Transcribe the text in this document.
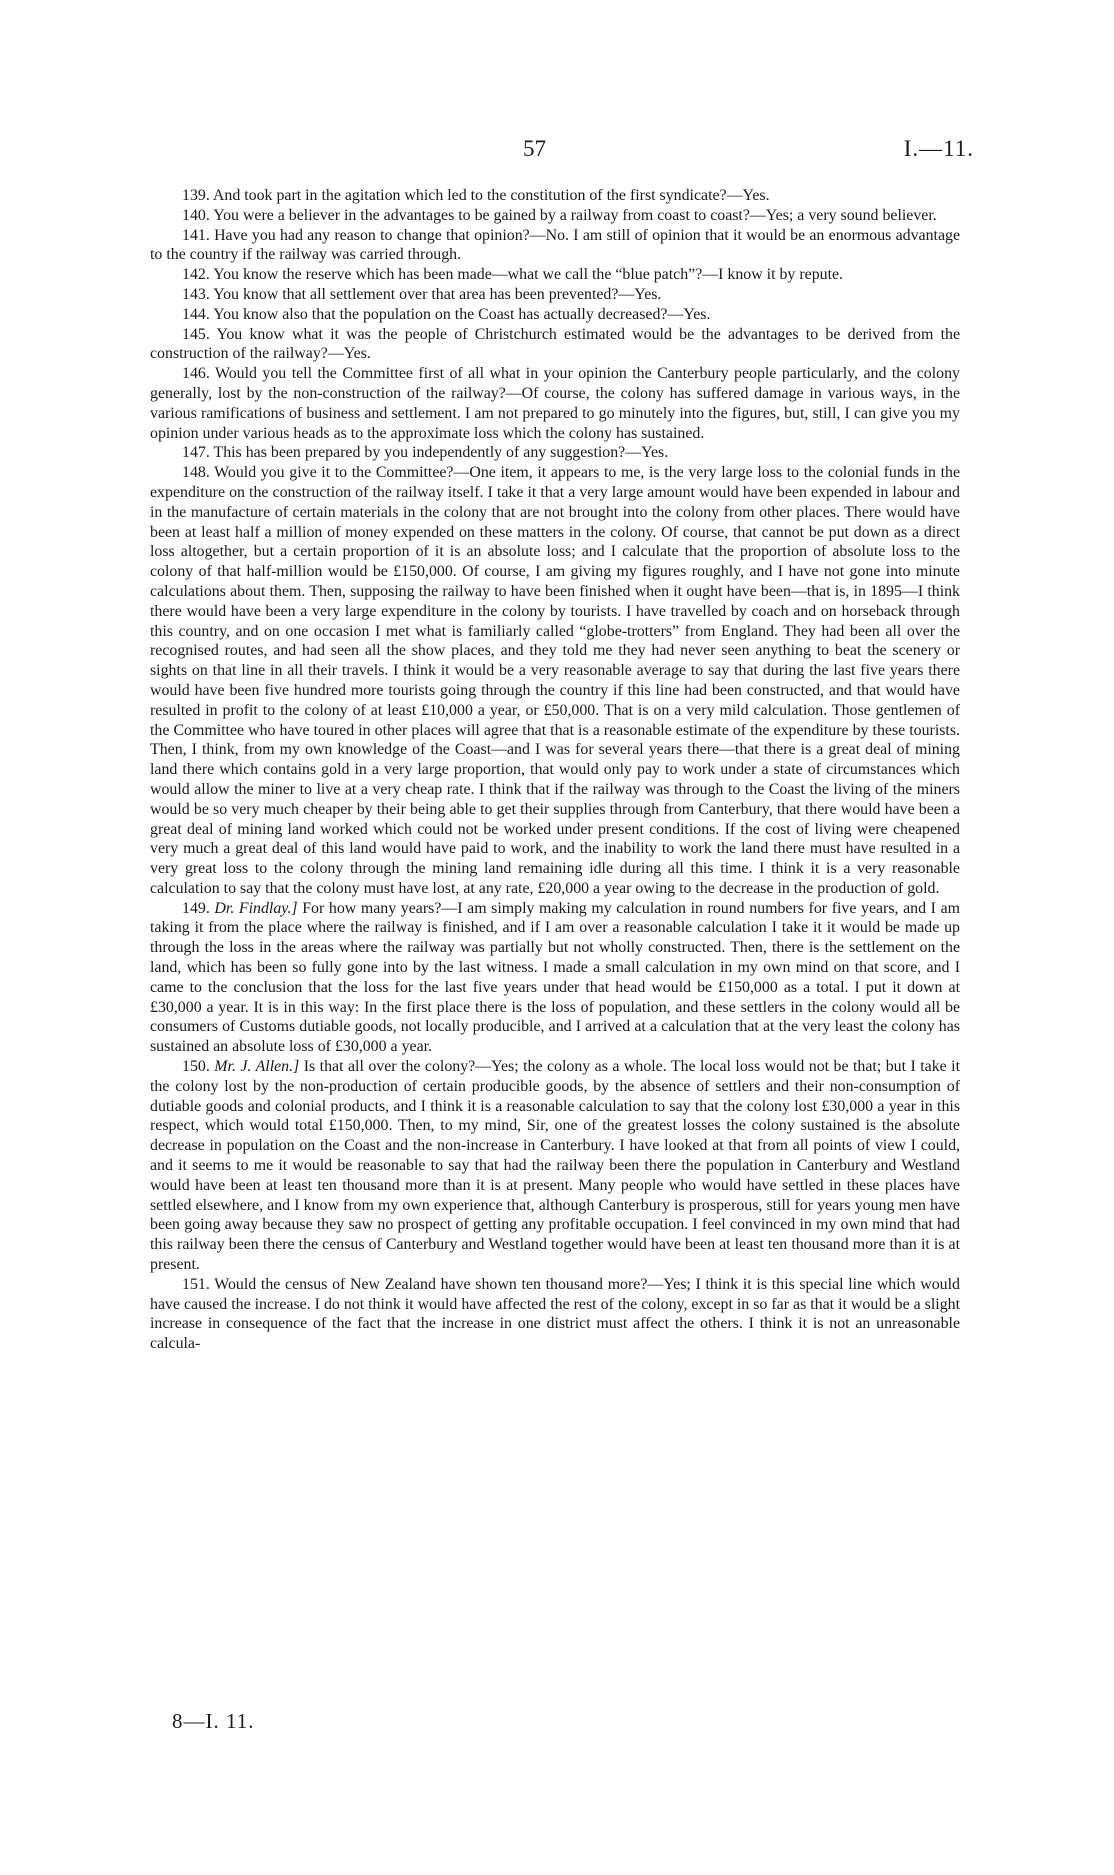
57	I.—11.

139. And took part in the agitation which led to the constitution of the first syndicate?—Yes.

140. You were a believer in the advantages to be gained by a railway from coast to coast?—Yes; a very sound believer.

141. Have you had any reason to change that opinion?—No. I am still of opinion that it would be an enormous advantage to the country if the railway was carried through.

142. You know the reserve which has been made—what we call the “blue patch”?—I know it by repute.

143. You know that all settlement over that area has been prevented?—Yes.

144. You know also that the population on the Coast has actually decreased?—Yes.

145. You know what it was the people of Christchurch estimated would be the advantages to be derived from the construction of the railway?—Yes.

146. Would you tell the Committee first of all what in your opinion the Canterbury people particularly, and the colony generally, lost by the non-construction of the railway?—Of course, the colony has suffered damage in various ways, in the various ramifications of business and settlement. I am not prepared to go minutely into the figures, but, still, I can give you my opinion under various heads as to the approximate loss which the colony has sustained.

147. This has been prepared by you independently of any suggestion?—Yes.

148. Would you give it to the Committee?—One item, it appears to me, is the very large loss to the colonial funds in the expenditure on the construction of the railway itself. I take it that a very large amount would have been expended in labour and in the manufacture of certain materials in the colony that are not brought into the colony from other places. There would have been at least half a million of money expended on these matters in the colony. Of course, that cannot be put down as a direct loss altogether, but a certain proportion of it is an absolute loss; and I calculate that the proportion of absolute loss to the colony of that half-million would be £150,000. Of course, I am giving my figures roughly, and I have not gone into minute calculations about them. Then, supposing the railway to have been finished when it ought have been—that is, in 1895—I think there would have been a very large expenditure in the colony by tourists. I have travelled by coach and on horseback through this country, and on one occasion I met what is familiarly called “globe-trotters” from England. They had been all over the recognised routes, and had seen all the show places, and they told me they had never seen anything to beat the scenery or sights on that line in all their travels. I think it would be a very reasonable average to say that during the last five years there would have been five hundred more tourists going through the country if this line had been constructed, and that would have resulted in profit to the colony of at least £10,000 a year, or £50,000. That is on a very mild calculation. Those gentlemen of the Committee who have toured in other places will agree that that is a reasonable estimate of the expenditure by these tourists. Then, I think, from my own knowledge of the Coast—and I was for several years there—that there is a great deal of mining land there which contains gold in a very large proportion, that would only pay to work under a state of circumstances which would allow the miner to live at a very cheap rate. I think that if the railway was through to the Coast the living of the miners would be so very much cheaper by their being able to get their supplies through from Canterbury, that there would have been a great deal of mining land worked which could not be worked under present conditions. If the cost of living were cheapened very much a great deal of this land would have paid to work, and the inability to work the land there must have resulted in a very great loss to the colony through the mining land remaining idle during all this time. I think it is a very reasonable calculation to say that the colony must have lost, at any rate, £20,000 a year owing to the decrease in the production of gold.

149. Dr. Findlay.] For how many years?—I am simply making my calculation in round numbers for five years, and I am taking it from the place where the railway is finished, and if I am over a reasonable calculation I take it it would be made up through the loss in the areas where the railway was partially but not wholly constructed. Then, there is the settlement on the land, which has been so fully gone into by the last witness. I made a small calculation in my own mind on that score, and I came to the conclusion that the loss for the last five years under that head would be £150,000 as a total. I put it down at £30,000 a year. It is in this way: In the first place there is the loss of population, and these settlers in the colony would all be consumers of Customs dutiable goods, not locally producible, and I arrived at a calculation that at the very least the colony has sustained an absolute loss of £30,000 a year.

150. Mr. J. Allen.] Is that all over the colony?—Yes; the colony as a whole. The local loss would not be that; but I take it the colony lost by the non-production of certain producible goods, by the absence of settlers and their non-consumption of dutiable goods and colonial products, and I think it is a reasonable calculation to say that the colony lost £30,000 a year in this respect, which would total £150,000. Then, to my mind, Sir, one of the greatest losses the colony sustained is the absolute decrease in population on the Coast and the non-increase in Canterbury. I have looked at that from all points of view I could, and it seems to me it would be reasonable to say that had the railway been there the population in Canterbury and Westland would have been at least ten thousand more than it is at present. Many people who would have settled in these places have settled elsewhere, and I know from my own experience that, although Canterbury is prosperous, still for years young men have been going away because they saw no prospect of getting any profitable occupation. I feel convinced in my own mind that had this railway been there the census of Canterbury and Westland together would have been at least ten thousand more than it is at present.

151. Would the census of New Zealand have shown ten thousand more?—Yes; I think it is this special line which would have caused the increase. I do not think it would have affected the rest of the colony, except in so far as that it would be a slight increase in consequence of the fact that the increase in one district must affect the others. I think it is not an unreasonable calcula-

8—I. 11.
